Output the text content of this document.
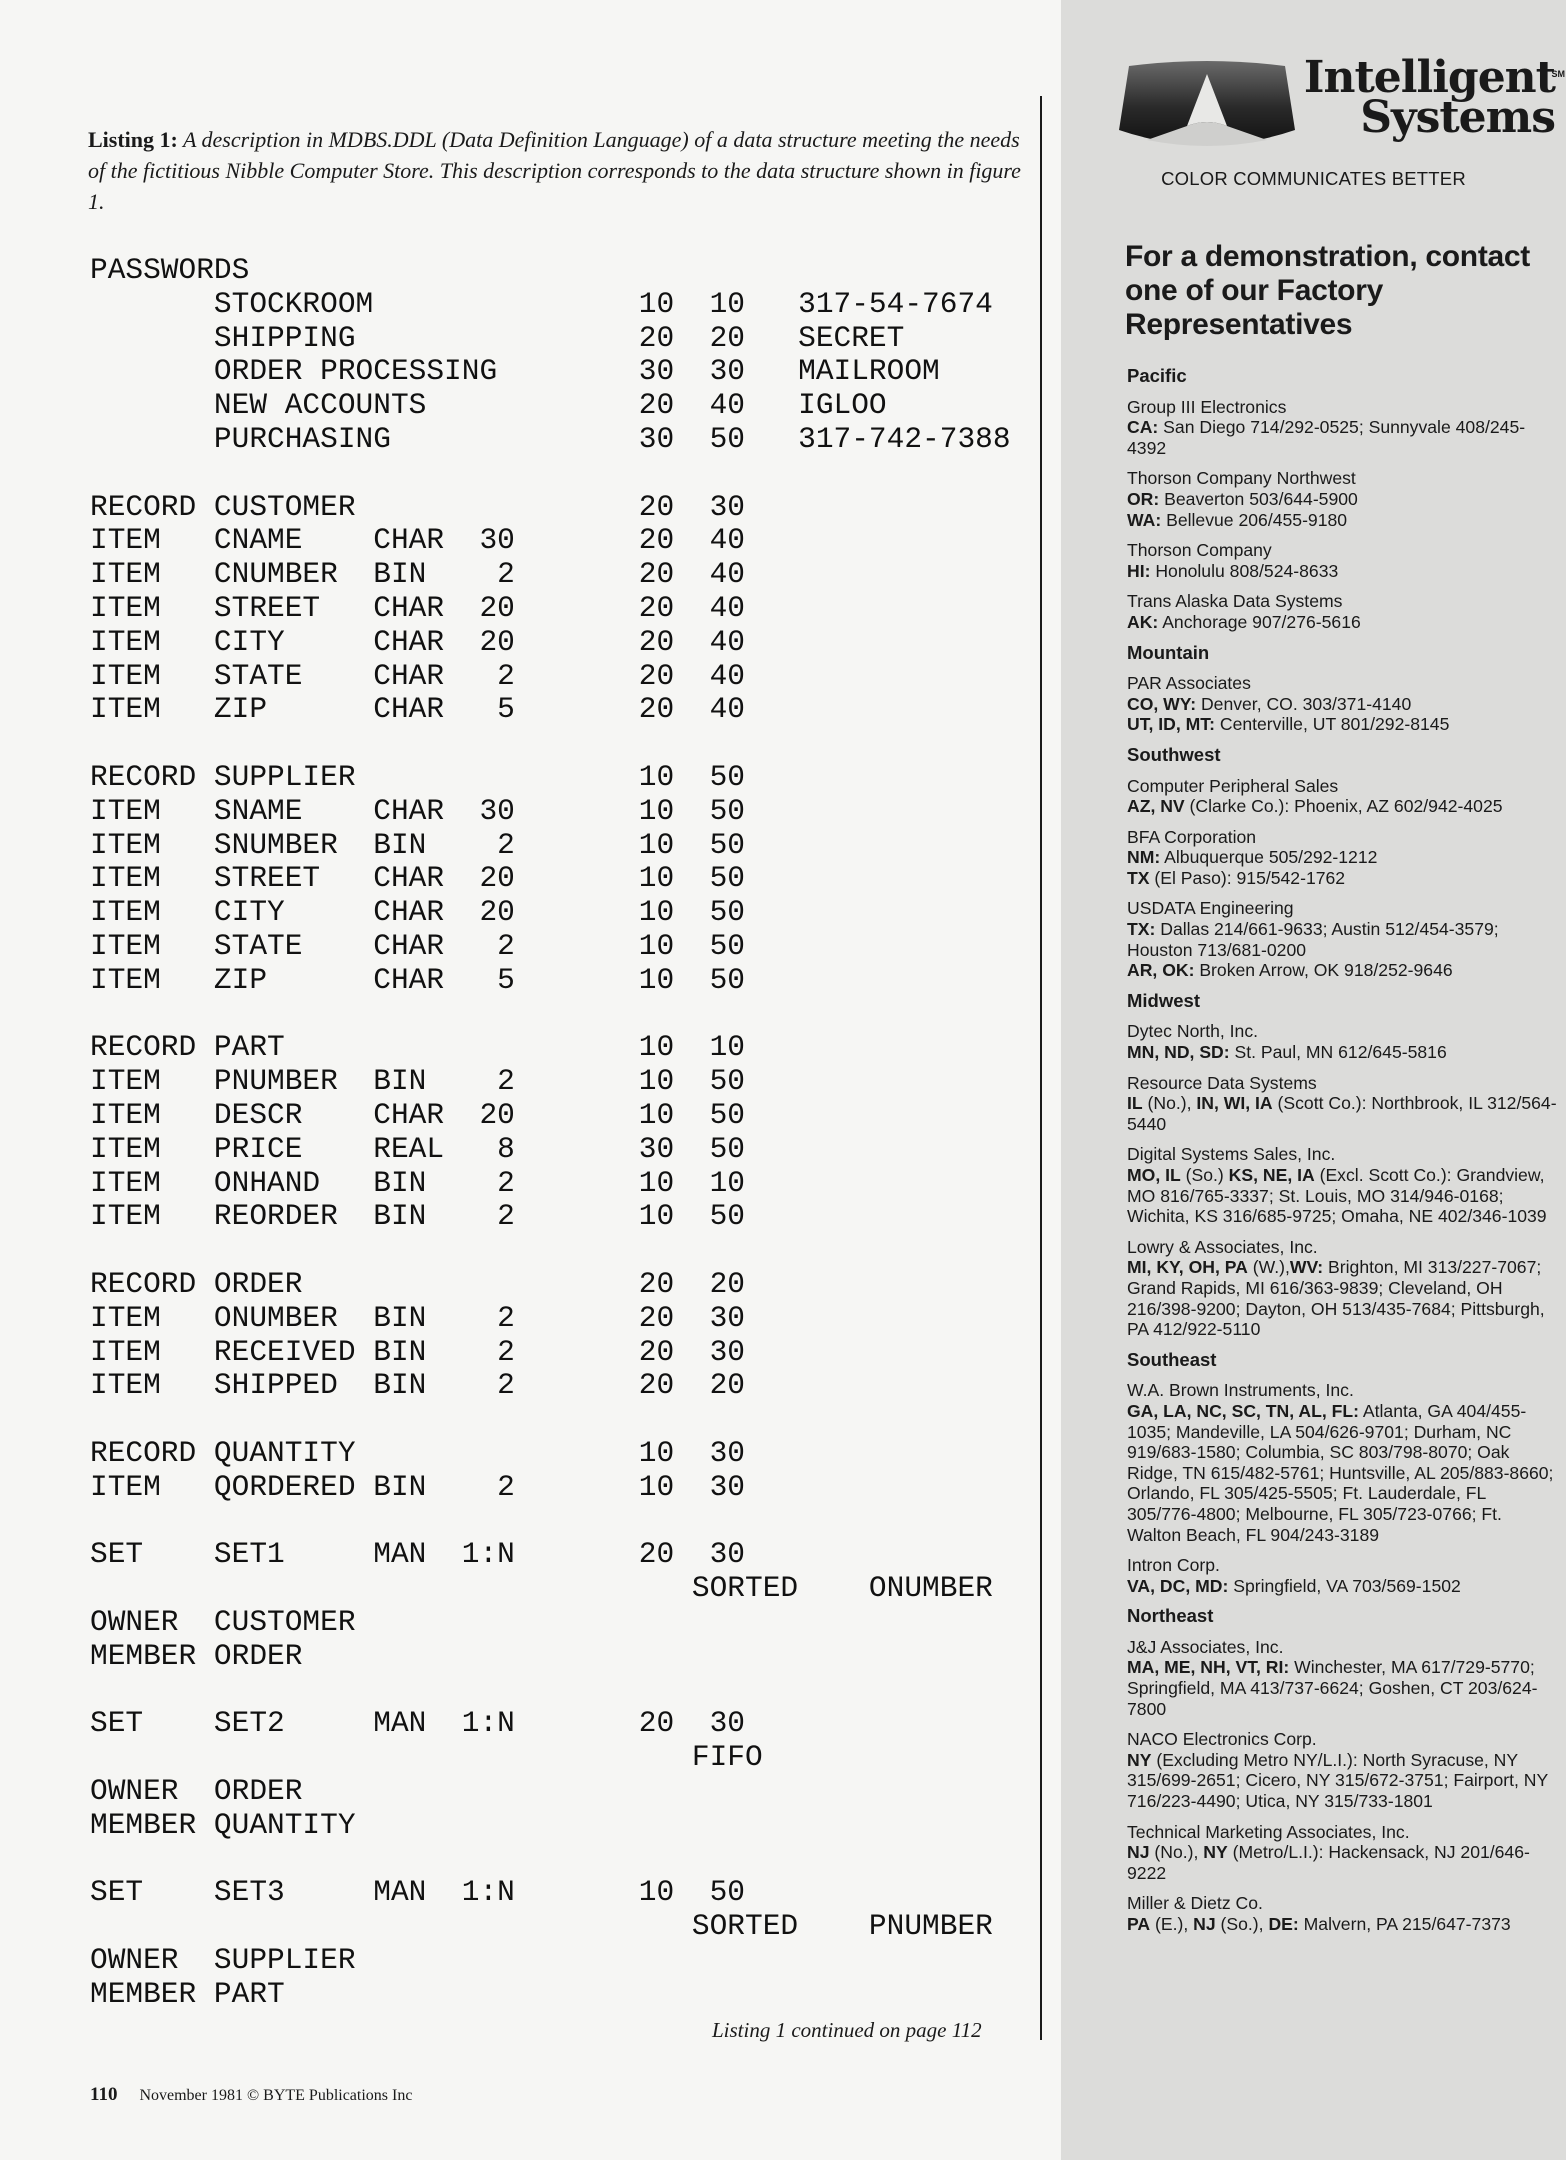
Listing 1: A description in MDBS.DDL (Data Definition Language) of a data structure meeting the needs of the fictitious Nibble Computer Store. This description corresponds to the data structure shown in figure 1.

PASSWORDS
STOCKROOM               10  10   317-54-7674
SHIPPING                20  20   SECRET
ORDER PROCESSING        30  30   MAILROOM
NEW ACCOUNTS            20  40   IGLOO
PURCHASING              30  50   317-742-7388
RECORD CUSTOMER                20  30
ITEM   CNAME    CHAR  30       20  40
ITEM   CNUMBER  BIN    2       20  40
ITEM   STREET   CHAR  20       20  40
ITEM   CITY     CHAR  20       20  40
ITEM   STATE    CHAR   2       20  40
ITEM   ZIP      CHAR   5       20  40
RECORD SUPPLIER                10  50
ITEM   SNAME    CHAR  30       10  50
ITEM   SNUMBER  BIN    2       10  50
ITEM   STREET   CHAR  20       10  50
ITEM   CITY     CHAR  20       10  50
ITEM   STATE    CHAR   2       10  50
ITEM   ZIP      CHAR   5       10  50
RECORD PART                    10  10
ITEM   PNUMBER  BIN    2       10  50
ITEM   DESCR    CHAR  20       10  50
ITEM   PRICE    REAL   8       30  50
ITEM   ONHAND   BIN    2       10  10
ITEM   REORDER  BIN    2       10  50
RECORD ORDER                   20  20
ITEM   ONUMBER  BIN    2       20  30
ITEM   RECEIVED BIN    2       20  30
ITEM   SHIPPED  BIN    2       20  20
RECORD QUANTITY                10  30
ITEM   QORDERED BIN    2       10  30
SET    SET1     MAN  1:N       20  30
SORTED    ONUMBER
OWNER  CUSTOMER
MEMBER ORDER
SET    SET2     MAN  1:N       20  30
FIFO
OWNER  ORDER
MEMBER QUANTITY
SET    SET3     MAN  1:N       10  50
SORTED    PNUMBER
OWNER  SUPPLIER
MEMBER PART

Listing 1 continued on page 112

110 November 1981 © BYTE Publications Inc

Intelligent
Systems
SM

COLOR COMMUNICATES BETTER

For a demonstration, contact one of our Factory Representatives

Pacific
Group III Electronics
CA: San Diego 714/292-0525; Sunnyvale 408/245-4392
Thorson Company Northwest
OR: Beaverton 503/644-5900
WA: Bellevue 206/455-9180
Thorson Company
HI: Honolulu 808/524-8633
Trans Alaska Data Systems
AK: Anchorage 907/276-5616
Mountain
PAR Associates
CO, WY: Denver, CO. 303/371-4140
UT, ID, MT: Centerville, UT 801/292-8145
Southwest
Computer Peripheral Sales
AZ, NV (Clarke Co.): Phoenix, AZ 602/942-4025
BFA Corporation
NM: Albuquerque 505/292-1212
TX (El Paso): 915/542-1762
USDATA Engineering
TX: Dallas 214/661-9633; Austin 512/454-3579; Houston 713/681-0200
AR, OK: Broken Arrow, OK 918/252-9646
Midwest
Dytec North, Inc.
MN, ND, SD: St. Paul, MN 612/645-5816
Resource Data Systems
IL (No.), IN, WI, IA (Scott Co.): Northbrook, IL 312/564-5440
Digital Systems Sales, Inc.
MO, IL (So.) KS, NE, IA (Excl. Scott Co.): Grandview, MO 816/765-3337; St. Louis, MO 314/946-0168; Wichita, KS 316/685-9725; Omaha, NE 402/346-1039
Lowry & Associates, Inc.
MI, KY, OH, PA (W.),WV: Brighton, MI 313/227-7067; Grand Rapids, MI 616/363-9839; Cleveland, OH 216/398-9200; Dayton, OH 513/435-7684; Pittsburgh, PA 412/922-5110
Southeast
W.A. Brown Instruments, Inc.
GA, LA, NC, SC, TN, AL, FL: Atlanta, GA 404/455-1035; Mandeville, LA 504/626-9701; Durham, NC 919/683-1580; Columbia, SC 803/798-8070; Oak Ridge, TN 615/482-5761; Huntsville, AL 205/883-8660; Orlando, FL 305/425-5505; Ft. Lauderdale, FL 305/776-4800; Melbourne, FL 305/723-0766; Ft. Walton Beach, FL 904/243-3189
Intron Corp.
VA, DC, MD: Springfield, VA 703/569-1502
Northeast
J&J Associates, Inc.
MA, ME, NH, VT, RI: Winchester, MA 617/729-5770; Springfield, MA 413/737-6624; Goshen, CT 203/624-7800
NACO Electronics Corp.
NY (Excluding Metro NY/L.I.): North Syracuse, NY 315/699-2651; Cicero, NY 315/672-3751; Fairport, NY 716/223-4490; Utica, NY 315/733-1801
Technical Marketing Associates, Inc.
NJ (No.), NY (Metro/L.I.): Hackensack, NJ 201/646-9222
Miller & Dietz Co.
PA (E.), NJ (So.), DE: Malvern, PA 215/647-7373
